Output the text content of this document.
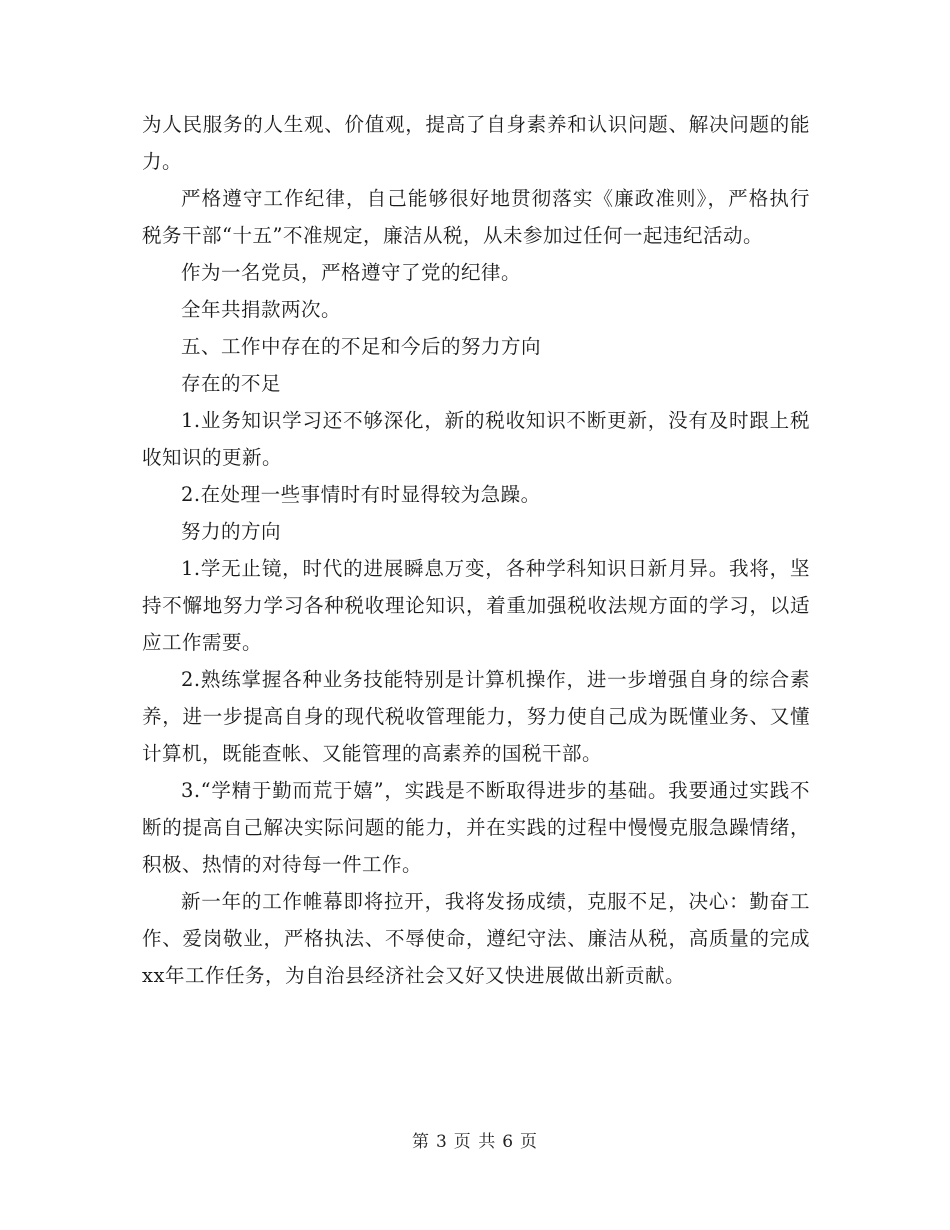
为人民服务的人生观、价值观，提高了自身素养和认识问题、解决问题的能力。

严格遵守工作纪律，自己能够很好地贯彻落实《廉政准则》，严格执行税务干部“十五”不准规定，廉洁从税，从未参加过任何一起违纪活动。

作为一名党员，严格遵守了党的纪律。

全年共捐款两次。

五、工作中存在的不足和今后的努力方向

存在的不足

1.业务知识学习还不够深化，新的税收知识不断更新，没有及时跟上税收知识的更新。

2.在处理一些事情时有时显得较为急躁。

努力的方向

1.学无止镜，时代的进展瞬息万变，各种学科知识日新月异。我将，坚持不懈地努力学习各种税收理论知识，着重加强税收法规方面的学习，以适应工作需要。

2.熟练掌握各种业务技能特别是计算机操作，进一步增强自身的综合素养，进一步提高自身的现代税收管理能力，努力使自己成为既懂业务、又懂计算机，既能查帐、又能管理的高素养的国税干部。

3.“学精于勤而荒于嬉”，实践是不断取得进步的基础。我要通过实践不断的提高自己解决实际问题的能力，并在实践的过程中慢慢克服急躁情绪，积极、热情的对待每一件工作。

新一年的工作帷幕即将拉开，我将发扬成绩，克服不足，决心：勤奋工作、爱岗敬业，严格执法、不辱使命，遵纪守法、廉洁从税，高质量的完成xx年工作任务，为自治县经济社会又好又快进展做出新贡献。

第 3 页 共 6 页
